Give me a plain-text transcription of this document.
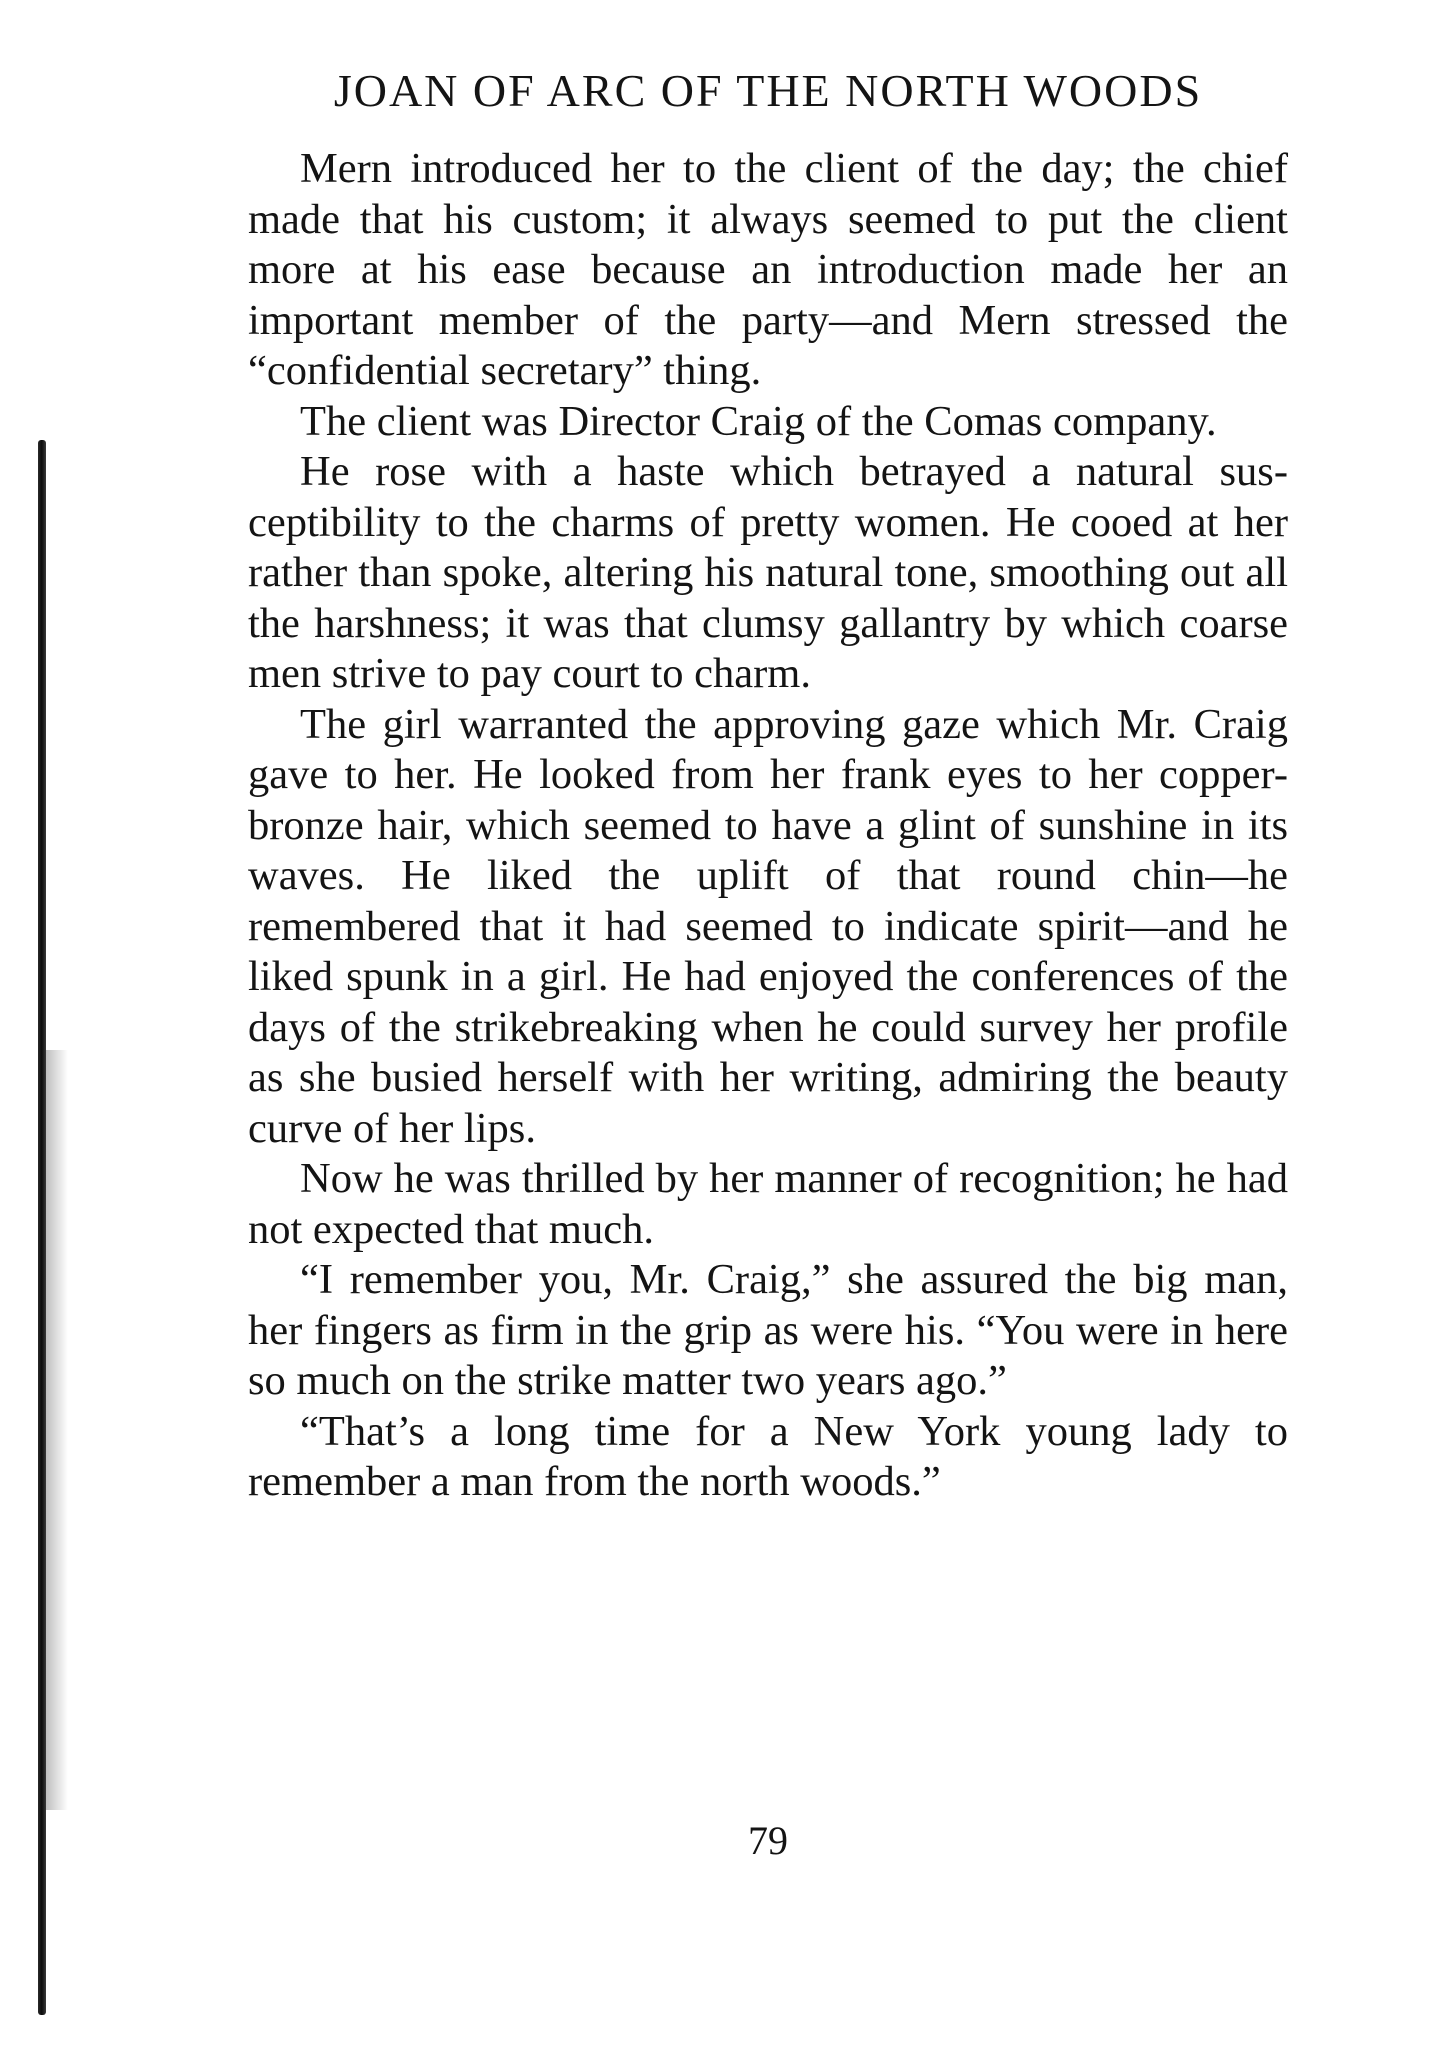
JOAN OF ARC OF THE NORTH WOODS

Mern introduced her to the client of the day; the chief made that his custom; it always seemed to put the client more at his ease because an introduction made her an important member of the party—and Mern stressed the “confidential secretary” thing.

The client was Director Craig of the Comas company.

He rose with a haste which betrayed a natural susceptibility to the charms of pretty women. He cooed at her rather than spoke, altering his natural tone, smoothing out all the harshness; it was that clumsy gallantry by which coarse men strive to pay court to charm.

The girl warranted the approving gaze which Mr. Craig gave to her. He looked from her frank eyes to her copper-bronze hair, which seemed to have a glint of sunshine in its waves. He liked the uplift of that round chin—he remembered that it had seemed to indicate spirit—and he liked spunk in a girl. He had enjoyed the conferences of the days of the strikebreaking when he could survey her profile as she busied herself with her writing, admiring the beauty curve of her lips.

Now he was thrilled by her manner of recognition; he had not expected that much.

“I remember you, Mr. Craig,” she assured the big man, her fingers as firm in the grip as were his. “You were in here so much on the strike matter two years ago.”

“That’s a long time for a New York young lady to remember a man from the north woods.”

79
